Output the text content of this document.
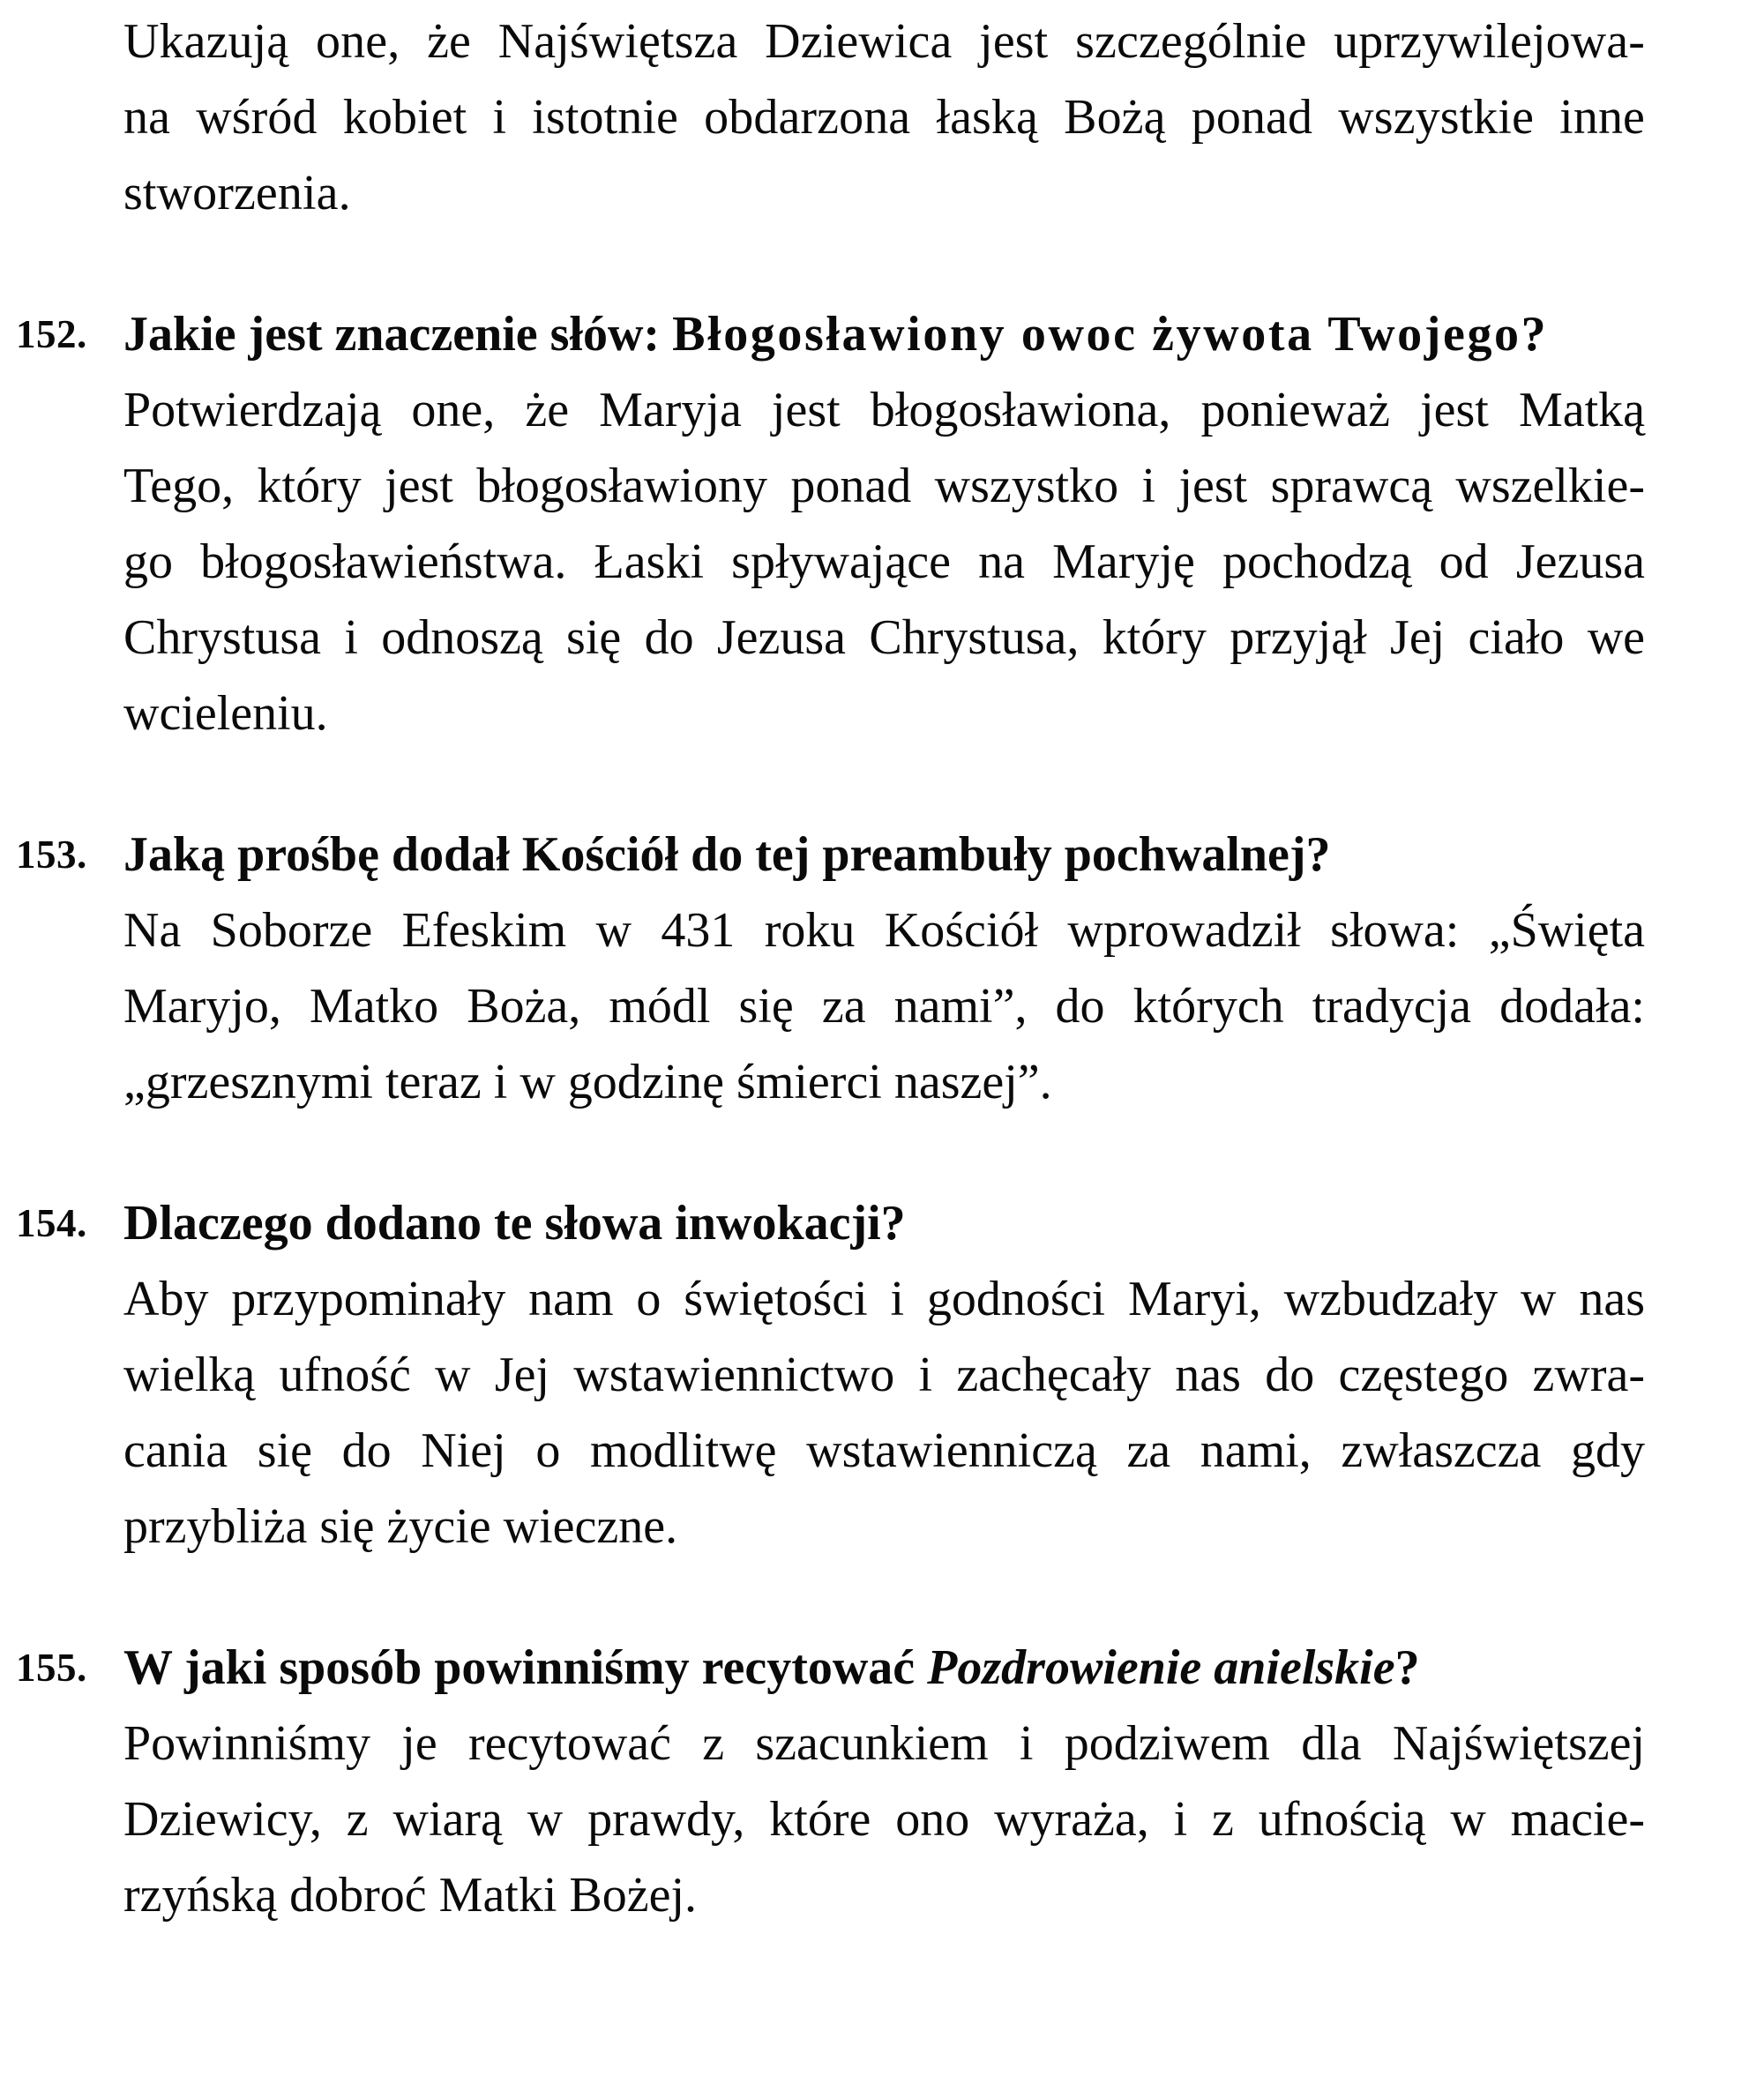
Ukazują one, że Najświętsza Dziewica jest szczególnie uprzywilejowa-
na wśród kobiet i istotnie obdarzona łaską Bożą ponad wszystkie inne
stworzenia.

152. Jakie jest znaczenie słów: Błogosławiony owoc żywota Twojego?
Potwierdzają one, że Maryja jest błogosławiona, ponieważ jest Matką
Tego, który jest błogosławiony ponad wszystko i jest sprawcą wszelkie-
go błogosławieństwa. Łaski spływające na Maryję pochodzą od Jezusa
Chrystusa i odnoszą się do Jezusa Chrystusa, który przyjął Jej ciało we
wcieleniu.
153. Jaką prośbę dodał Kościół do tej preambuły pochwalnej?
Na Soborze Efeskim w 431 roku Kościół wprowadził słowa: „Święta
Maryjo, Matko Boża, módl się za nami”, do których tradycja dodała:
„grzesznymi teraz i w godzinę śmierci naszej”.
154. Dlaczego dodano te słowa inwokacji?
Aby przypominały nam o świętości i godności Maryi, wzbudzały w nas
wielką ufność w Jej wstawiennictwo i zachęcały nas do częstego zwra-
cania się do Niej o modlitwę wstawienniczą za nami, zwłaszcza gdy
przybliża się życie wieczne.
155. W jaki sposób powinniśmy recytować Pozdrowienie anielskie?
Powinniśmy je recytować z szacunkiem i podziwem dla Najświętszej
Dziewicy, z wiarą w prawdy, które ono wyraża, i z ufnością w macie-
rzyńską dobroć Matki Bożej.
